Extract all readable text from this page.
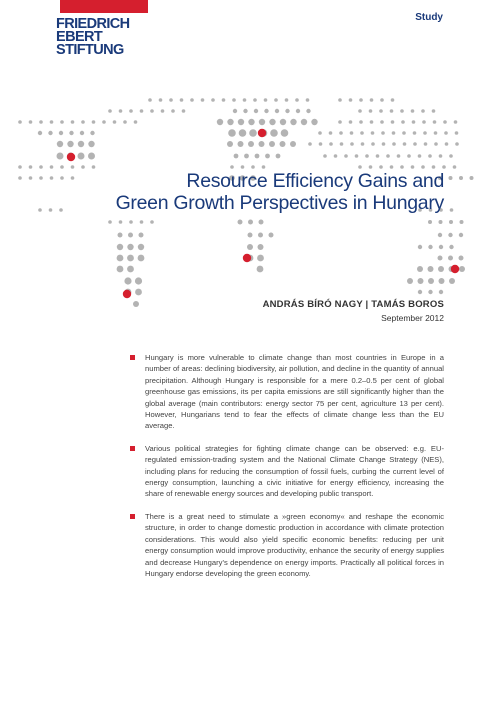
FRIEDRICH
EBERT
STIFTUNG
Study
Resource Efficiency Gains and
Green Growth Perspectives in Hungary
ANDRÁS BÍRÓ NAGY | TAMÁS BOROS
September 2012
Hungary is more vulnerable to climate change than most countries in Europe in a number of areas: declining biodiversity, air pollution, and decline in the quantity of annual precipitation. Although Hungary is responsible for a mere 0.2–0.5 per cent of global greenhouse gas emissions, its per capita emissions are still significantly higher than the global average (main contributors: energy sector 75 per cent, agriculture 13 per cent). However, Hungarians tend to fear the effects of climate change less than the EU average.
Various political strategies for fighting climate change can be observed: e.g. EU-regulated emission-trading system and the National Climate Change Strategy (NES), including plans for reducing the consumption of fossil fuels, curbing the current level of energy consumption, launching a civic initiative for energy efficiency, increasing the share of renewable energy sources and developing public transport.
There is a great need to stimulate a »green economy« and reshape the economic structure, in order to change domestic production in accordance with climate protection considerations. This would also yield specific economic benefits: reducing per unit energy consumption would improve productivity, enhance the security of energy supplies and decrease Hungary’s dependence on energy imports. Practically all political forces in Hungary endorse developing the green economy.
